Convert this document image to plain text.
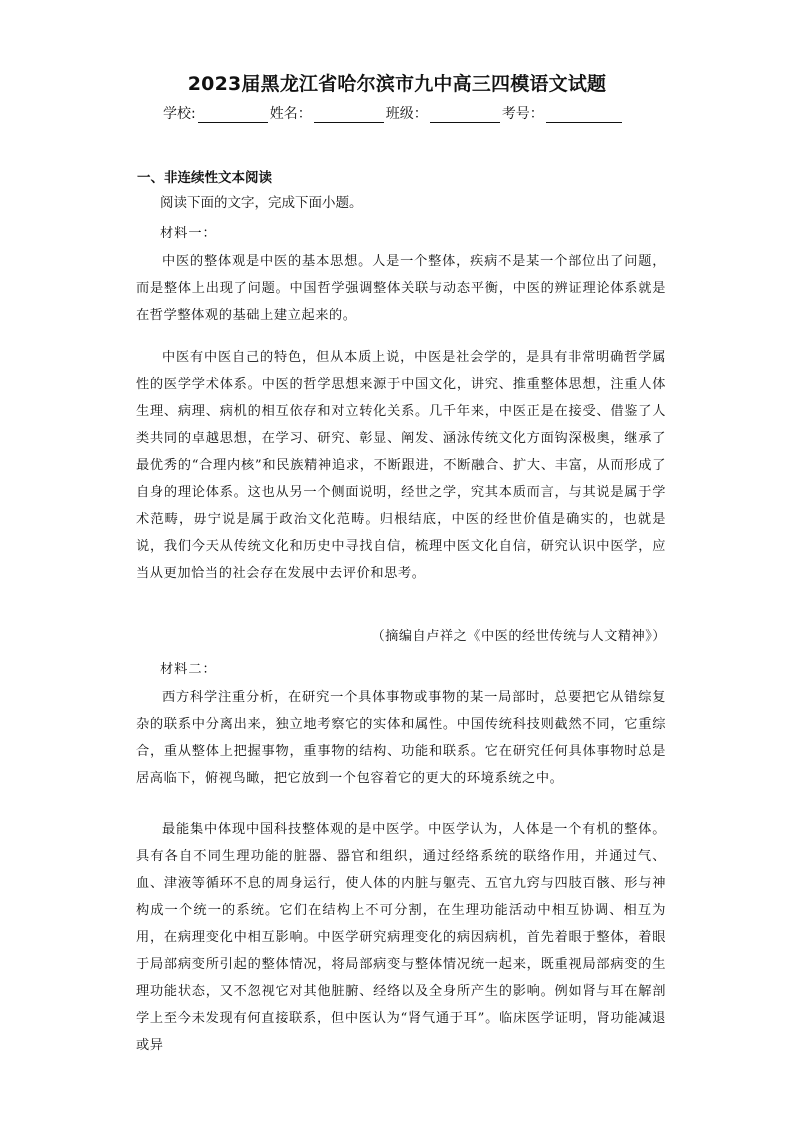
2023届黑龙江省哈尔滨市九中高三四模语文试题
学校:	姓名：	班级：	考号：
一、非连续性文本阅读
阅读下面的文字，完成下面小题。
材料一：

中医的整体观是中医的基本思想。人是一个整体，疾病不是某一个部位出了问题，而是整体上出现了问题。中国哲学强调整体关联与动态平衡，中医的辨证理论体系就是在哲学整体观的基础上建立起来的。

中医有中医自己的特色，但从本质上说，中医是社会学的，是具有非常明确哲学属性的医学学术体系。中医的哲学思想来源于中国文化，讲究、推重整体思想，注重人体生理、病理、病机的相互依存和对立转化关系。几千年来，中医正是在接受、借鉴了人类共同的卓越思想，在学习、研究、彰显、阐发、涵泳传统文化方面钩深极奥，继承了最优秀的“合理内核”和民族精神追求，不断跟进，不断融合、扩大、丰富，从而形成了自身的理论体系。这也从另一个侧面说明，经世之学，究其本质而言，与其说是属于学术范畴，毋宁说是属于政治文化范畴。归根结底，中医的经世价值是确实的，也就是说，我们今天从传统文化和历史中寻找自信，梳理中医文化自信，研究认识中医学，应当从更加恰当的社会存在发展中去评价和思考。

（摘编自卢祥之《中医的经世传统与人文精神》）
材料二：

西方科学注重分析，在研究一个具体事物或事物的某一局部时，总要把它从错综复杂的联系中分离出来，独立地考察它的实体和属性。中国传统科技则截然不同，它重综合，重从整体上把握事物，重事物的结构、功能和联系。它在研究任何具体事物时总是居高临下，俯视鸟瞰，把它放到一个包容着它的更大的环境系统之中。

最能集中体现中国科技整体观的是中医学。中医学认为，人体是一个有机的整体。具有各自不同生理功能的脏器、器官和组织，通过经络系统的联络作用，并通过气、血、津液等循环不息的周身运行，使人体的内脏与躯壳、五官九窍与四肢百骸、形与神构成一个统一的系统。它们在结构上不可分割，在生理功能活动中相互协调、相互为用，在病理变化中相互影响。中医学研究病理变化的病因病机，首先着眼于整体，着眼于局部病变所引起的整体情况，将局部病变与整体情况统一起来，既重视局部病变的生理功能状态，又不忽视它对其他脏腑、经络以及全身所产生的影响。例如肾与耳在解剖学上至今未发现有何直接联系，但中医认为“肾气通于耳”。临床医学证明，肾功能减退或异
